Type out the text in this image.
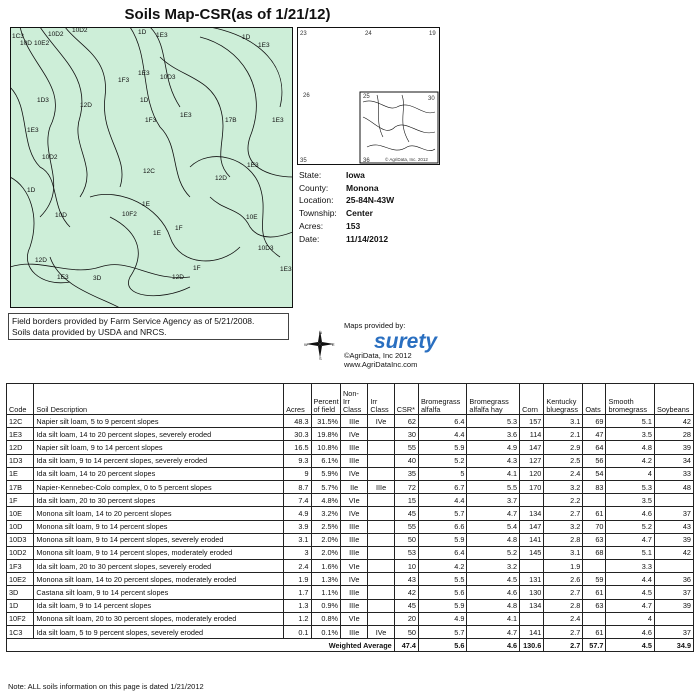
Soils Map-CSR(as of 1/21/12)
10D
10D2
10D2
10E2
1C3
1D 1E3
1E3
1D
1D3
1F3
1E3
10D3
12D
1D
1F3
1E3
17B	1E3
1E3
10D2
12C
1E3
1D
10D	10F2
1E
1E
1F
12D
10E
10D3
12D
1E3	3D
1F
12D
1E3
23	24	19
26	25	30
35	36	© AgriData, Inc. 2012
State:	Iowa
County:	Monona
Location:	25-84N-43W
Township:	Center
Acres:	153
Date:	11/14/2012
Field borders provided by Farm Service Agency as of 5/21/2008.
Soils data provided by USDA and NRCS.	N
S
W	E
Maps provided by:
surety
©AgriData, Inc 2012
www.AgriDataInc.com
Code	Soil Description	Acres	Percent of field	Non-Irr Class	Irr Class	CSR*	Bromegrass alfalfa	Bromegrass alfalfa hay	Corn	Kentucky bluegrass	Oats	Smooth bromegrass	Soybeans
12C	Napier silt loam, 5 to 9 percent slopes	48.3	31.5%	IIIe	IVe	62	6.4	5.3	157	3.1	69	5.1	42
1E3	Ida silt loam, 14 to 20 percent slopes, severely eroded	30.3	19.8%	IVe		30	4.4	3.6	114	2.1	47	3.5	28
12D	Napier silt loam, 9 to 14 percent slopes	16.5	10.8%	IIIe		55	5.9	4.9	147	2.9	64	4.8	39
1D3	Ida silt loam, 9 to 14 percent slopes, severely eroded	9.3	6.1%	IIIe		40	5.2	4.3	127	2.5	56	4.2	34
1E	Ida silt loam, 14 to 20 percent slopes	9	5.9%	IVe		35	5	4.1	120	2.4	54	4	33
17B	Napier-Kennebec-Colo complex, 0 to 5 percent slopes	8.7	5.7%	IIe	IIIe	72	6.7	5.5	170	3.2	83	5.3	48
1F	Ida silt loam, 20 to 30 percent slopes	7.4	4.8%	VIe		15	4.4	3.7		2.2		3.5	
10E	Monona silt loam, 14 to 20 percent slopes	4.9	3.2%	IVe		45	5.7	4.7	134	2.7	61	4.6	37
10D	Monona silt loam, 9 to 14 percent slopes	3.9	2.5%	IIIe		55	6.6	5.4	147	3.2	70	5.2	43
10D3	Monona silt loam, 9 to 14 percent slopes, severely eroded	3.1	2.0%	IIIe		50	5.9	4.8	141	2.8	63	4.7	39
10D2	Monona silt loam, 9 to 14 percent slopes, moderately eroded	3	2.0%	IIIe		53	6.4	5.2	145	3.1	68	5.1	42
1F3	Ida silt loam, 20 to 30 percent slopes, severely eroded	2.4	1.6%	VIe		10	4.2	3.2		1.9		3.3	
10E2	Monona silt loam, 14 to 20 percent slopes, moderately eroded	1.9	1.3%	IVe		43	5.5	4.5	131	2.6	59	4.4	36
3D	Castana silt loam, 9 to 14 percent slopes	1.7	1.1%	IIIe		42	5.6	4.6	130	2.7	61	4.5	37
1D	Ida silt loam, 9 to 14 percent slopes	1.3	0.9%	IIIe		45	5.9	4.8	134	2.8	63	4.7	39
10F2	Monona silt loam, 20 to 30 percent slopes, moderately eroded	1.2	0.8%	VIe		20	4.9	4.1		2.4		4	
1C3	Ida silt loam, 5 to 9 percent slopes, severely eroded	0.1	0.1%	IIIe	IVe	50	5.7	4.7	141	2.7	61	4.6	37
Weighted Average						47.4	5.6	4.6	130.6	2.7	57.7	4.5	34.9
Note: ALL soils information on this page is dated 1/21/2012
